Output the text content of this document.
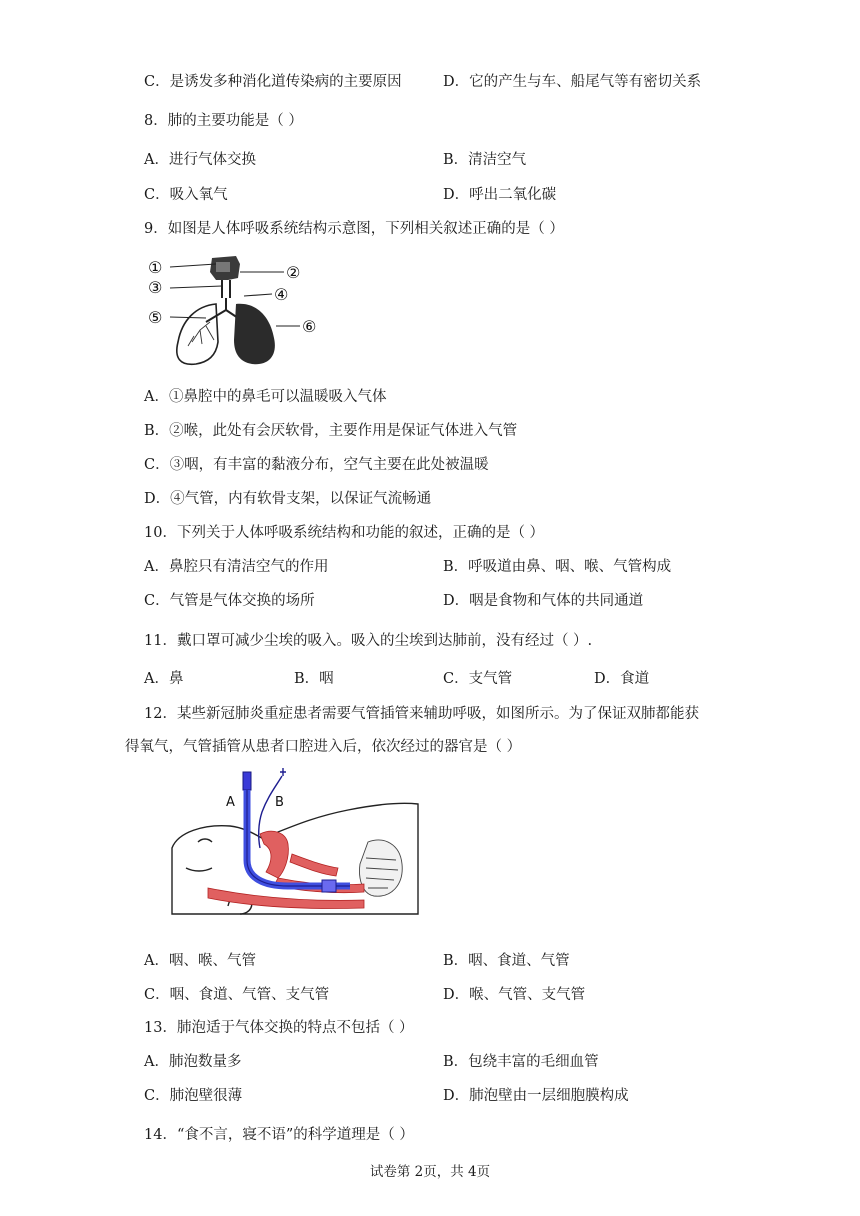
C．是诱发多种消化道传染病的主要原因	D．它的产生与车、船尾气等有密切关系
8．肺的主要功能是（ ）
A．进行气体交换	B．清洁空气
C．吸入氧气	D．呼出二氧化碳
9．如图是人体呼吸系统结构示意图，下列相关叙述正确的是（ ）
①	②
③	④
⑤	⑥
A．①鼻腔中的鼻毛可以温暖吸入气体
B．②喉，此处有会厌软骨，主要作用是保证气体进入气管
C．③咽，有丰富的黏液分布，空气主要在此处被温暖
D．④气管，内有软骨支架，以保证气流畅通
10．下列关于人体呼吸系统结构和功能的叙述，正确的是（ ）
A．鼻腔只有清洁空气的作用	B．呼吸道由鼻、咽、喉、气管构成
C．气管是气体交换的场所	D．咽是食物和气体的共同通道
11．戴口罩可减少尘埃的吸入。吸入的尘埃到达肺前，没有经过（ ）.
A．鼻	B．咽	C．支气管	D．食道
12．某些新冠肺炎重症患者需要气管插管来辅助呼吸，如图所示。为了保证双肺都能获
得氧气，气管插管从患者口腔进入后，依次经过的器官是（ ）
A	B
A．咽、喉、气管	B．咽、食道、气管
C．咽、食道、气管、支气管	D．喉、气管、支气管
13．肺泡适于气体交换的特点不包括（ ）
A．肺泡数量多	B．包绕丰富的毛细血管
C．肺泡壁很薄	D．肺泡壁由一层细胞膜构成
14．“食不言，寝不语”的科学道理是（ ）
试卷第 2页，共 4页
